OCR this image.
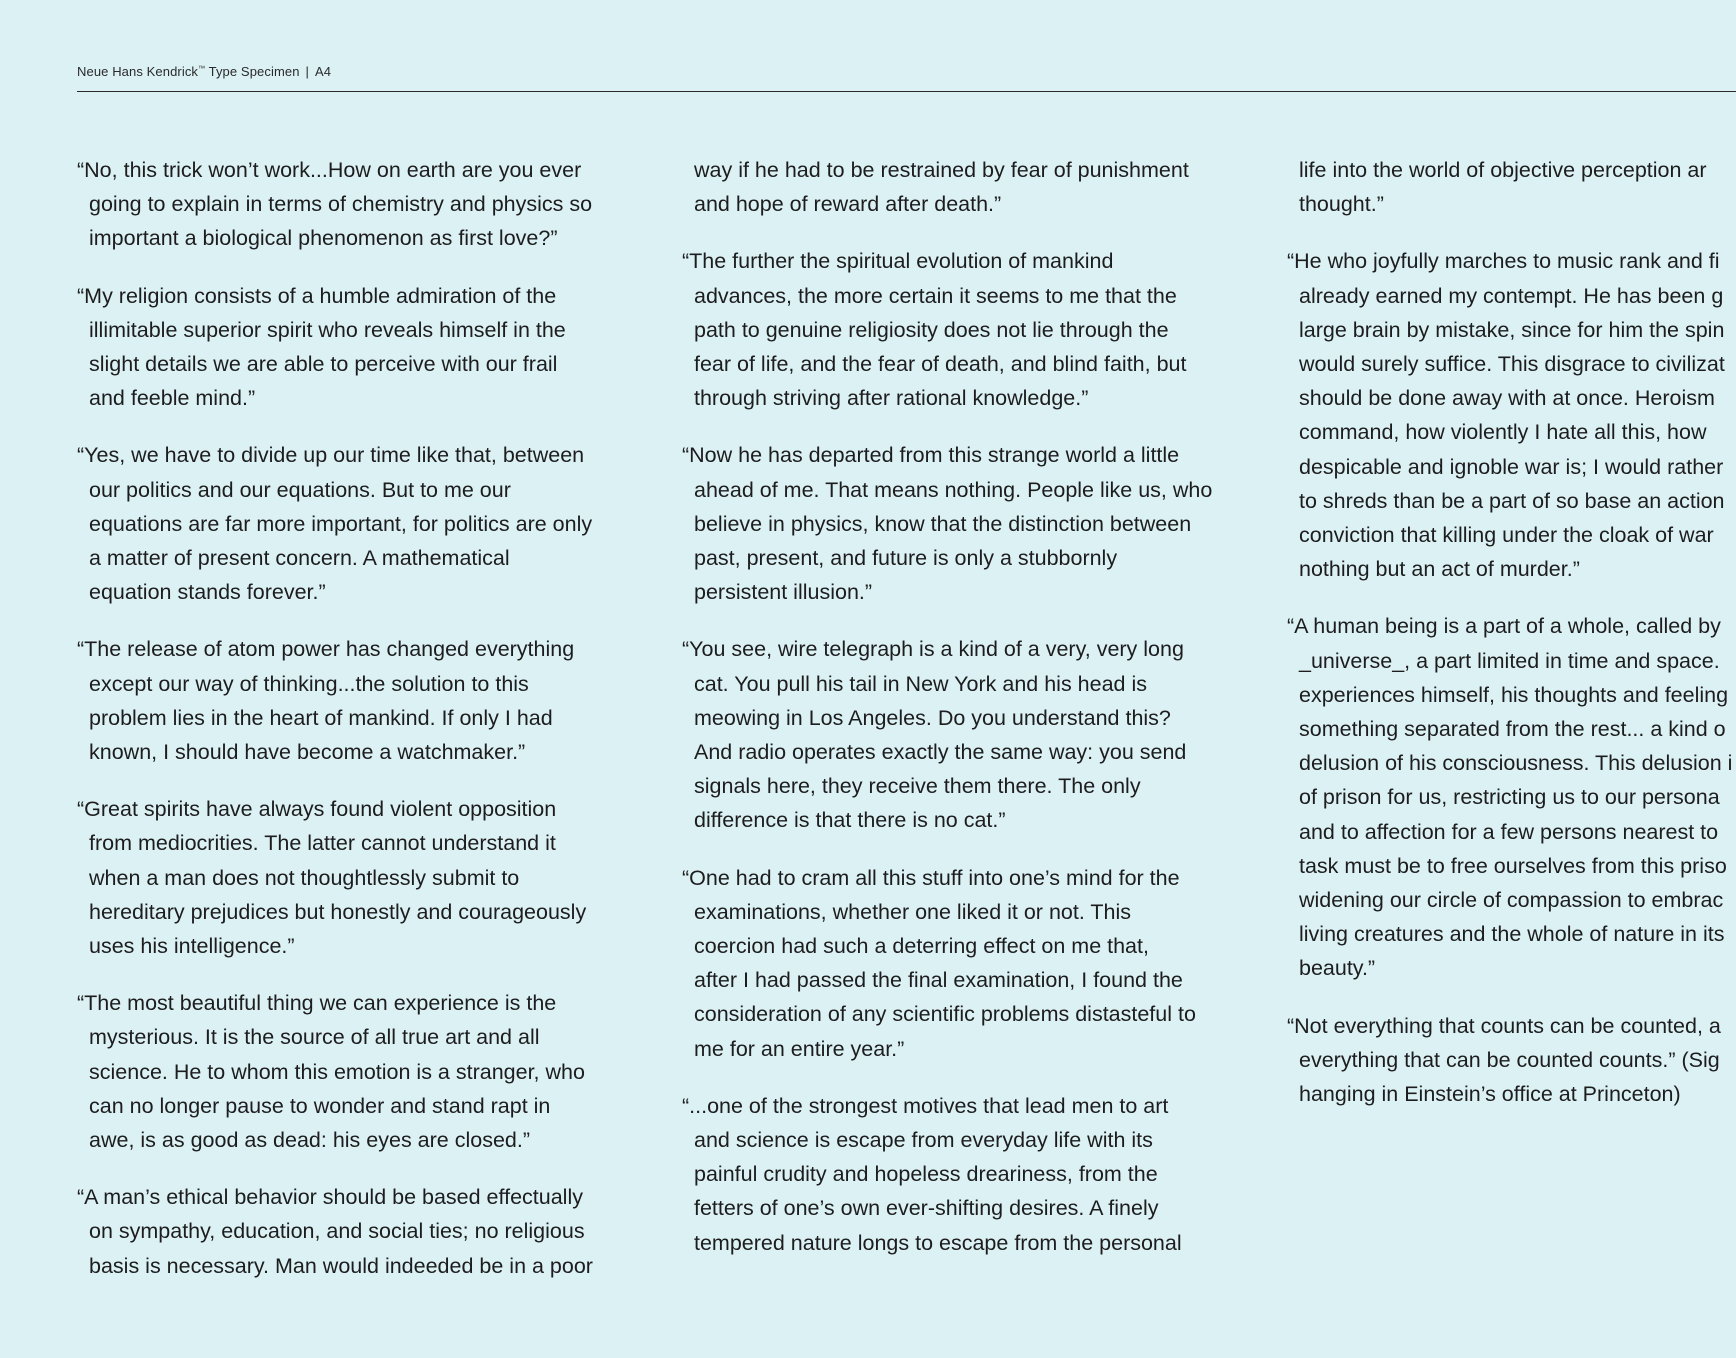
Neue Hans Kendrick™ Type Specimen | A4
“No, this trick won’t work...How on earth are you ever
going to explain in terms of chemistry and physics so
important a biological phenomenon as first love?”
“My religion consists of a humble admiration of the
illimitable superior spirit who reveals himself in the
slight details we are able to perceive with our frail
and feeble mind.”
“Yes, we have to divide up our time like that, between
our politics and our equations. But to me our
equations are far more important, for politics are only
a matter of present concern. A mathematical
equation stands forever.”
“The release of atom power has changed everything
except our way of thinking...the solution to this
problem lies in the heart of mankind. If only I had
known, I should have become a watchmaker.”
“Great spirits have always found violent opposition
from mediocrities. The latter cannot understand it
when a man does not thoughtlessly submit to
hereditary prejudices but honestly and courageously
uses his intelligence.”
“The most beautiful thing we can experience is the
mysterious. It is the source of all true art and all
science. He to whom this emotion is a stranger, who
can no longer pause to wonder and stand rapt in
awe, is as good as dead: his eyes are closed.”
“A man’s ethical behavior should be based effectually
on sympathy, education, and social ties; no religious
basis is necessary. Man would indeeded be in a poor
way if he had to be restrained by fear of punishment
and hope of reward after death.”
“The further the spiritual evolution of mankind
advances, the more certain it seems to me that the
path to genuine religiosity does not lie through the
fear of life, and the fear of death, and blind faith, but
through striving after rational knowledge.”
“Now he has departed from this strange world a little
ahead of me. That means nothing. People like us, who
believe in physics, know that the distinction between
past, present, and future is only a stubbornly
persistent illusion.”
“You see, wire telegraph is a kind of a very, very long
cat. You pull his tail in New York and his head is
meowing in Los Angeles. Do you understand this?
And radio operates exactly the same way: you send
signals here, they receive them there. The only
difference is that there is no cat.”
“One had to cram all this stuff into one’s mind for the
examinations, whether one liked it or not. This
coercion had such a deterring effect on me that,
after I had passed the final examination, I found the
consideration of any scientific problems distasteful to
me for an entire year.”
“...one of the strongest motives that lead men to art
and science is escape from everyday life with its
painful crudity and hopeless dreariness, from the
fetters of one’s own ever-shifting desires. A finely
tempered nature longs to escape from the personal
life into the world of objective perception ar
thought.”
“He who joyfully marches to music rank and fi
already earned my contempt. He has been g
large brain by mistake, since for him the spin
would surely suffice. This disgrace to civilizat
should be done away with at once. Heroism
command, how violently I hate all this, how
despicable and ignoble war is; I would rather
to shreds than be a part of so base an action
conviction that killing under the cloak of war
nothing but an act of murder.”
“A human being is a part of a whole, called by
_universe_, a part limited in time and space.
experiences himself, his thoughts and feeling
something separated from the rest... a kind o
delusion of his consciousness. This delusion i
of prison for us, restricting us to our persona
and to affection for a few persons nearest to
task must be to free ourselves from this priso
widening our circle of compassion to embrac
living creatures and the whole of nature in its
beauty.”
“Not everything that counts can be counted, a
everything that can be counted counts.” (Sig
hanging in Einstein’s office at Princeton)
